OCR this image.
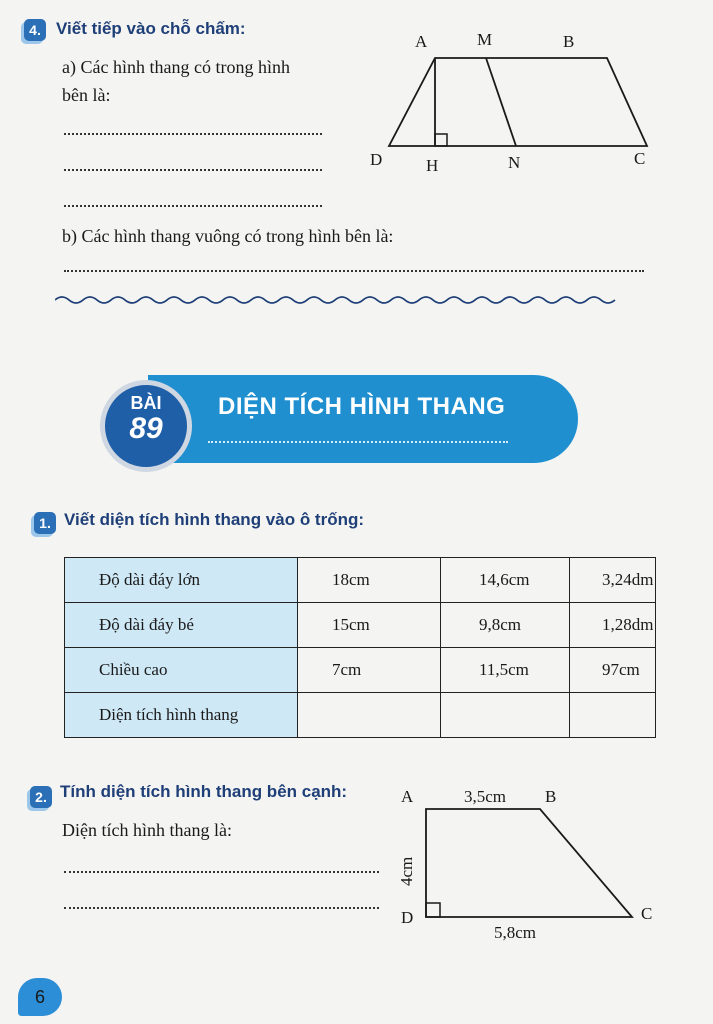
4. Viết tiếp vào chỗ chấm:
a) Các hình thang có trong hình
bên là:
b) Các hình thang vuông có trong hình bên là:
A	M	B
D	H	N	C
DIỆN TÍCH HÌNH THANG
BÀI
89
1. Viết diện tích hình thang vào ô trống:
Độ dài đáy lớn	18cm	14,6cm	3,24dm
Độ dài đáy bé	15cm	9,8cm	1,28dm
Chiều cao	7cm	11,5cm	97cm
Diện tích hình thang			
2. Tính diện tích hình thang bên cạnh:
Diện tích hình thang là:
A	3,5cm B
4cm
D	C
5,8cm
6
